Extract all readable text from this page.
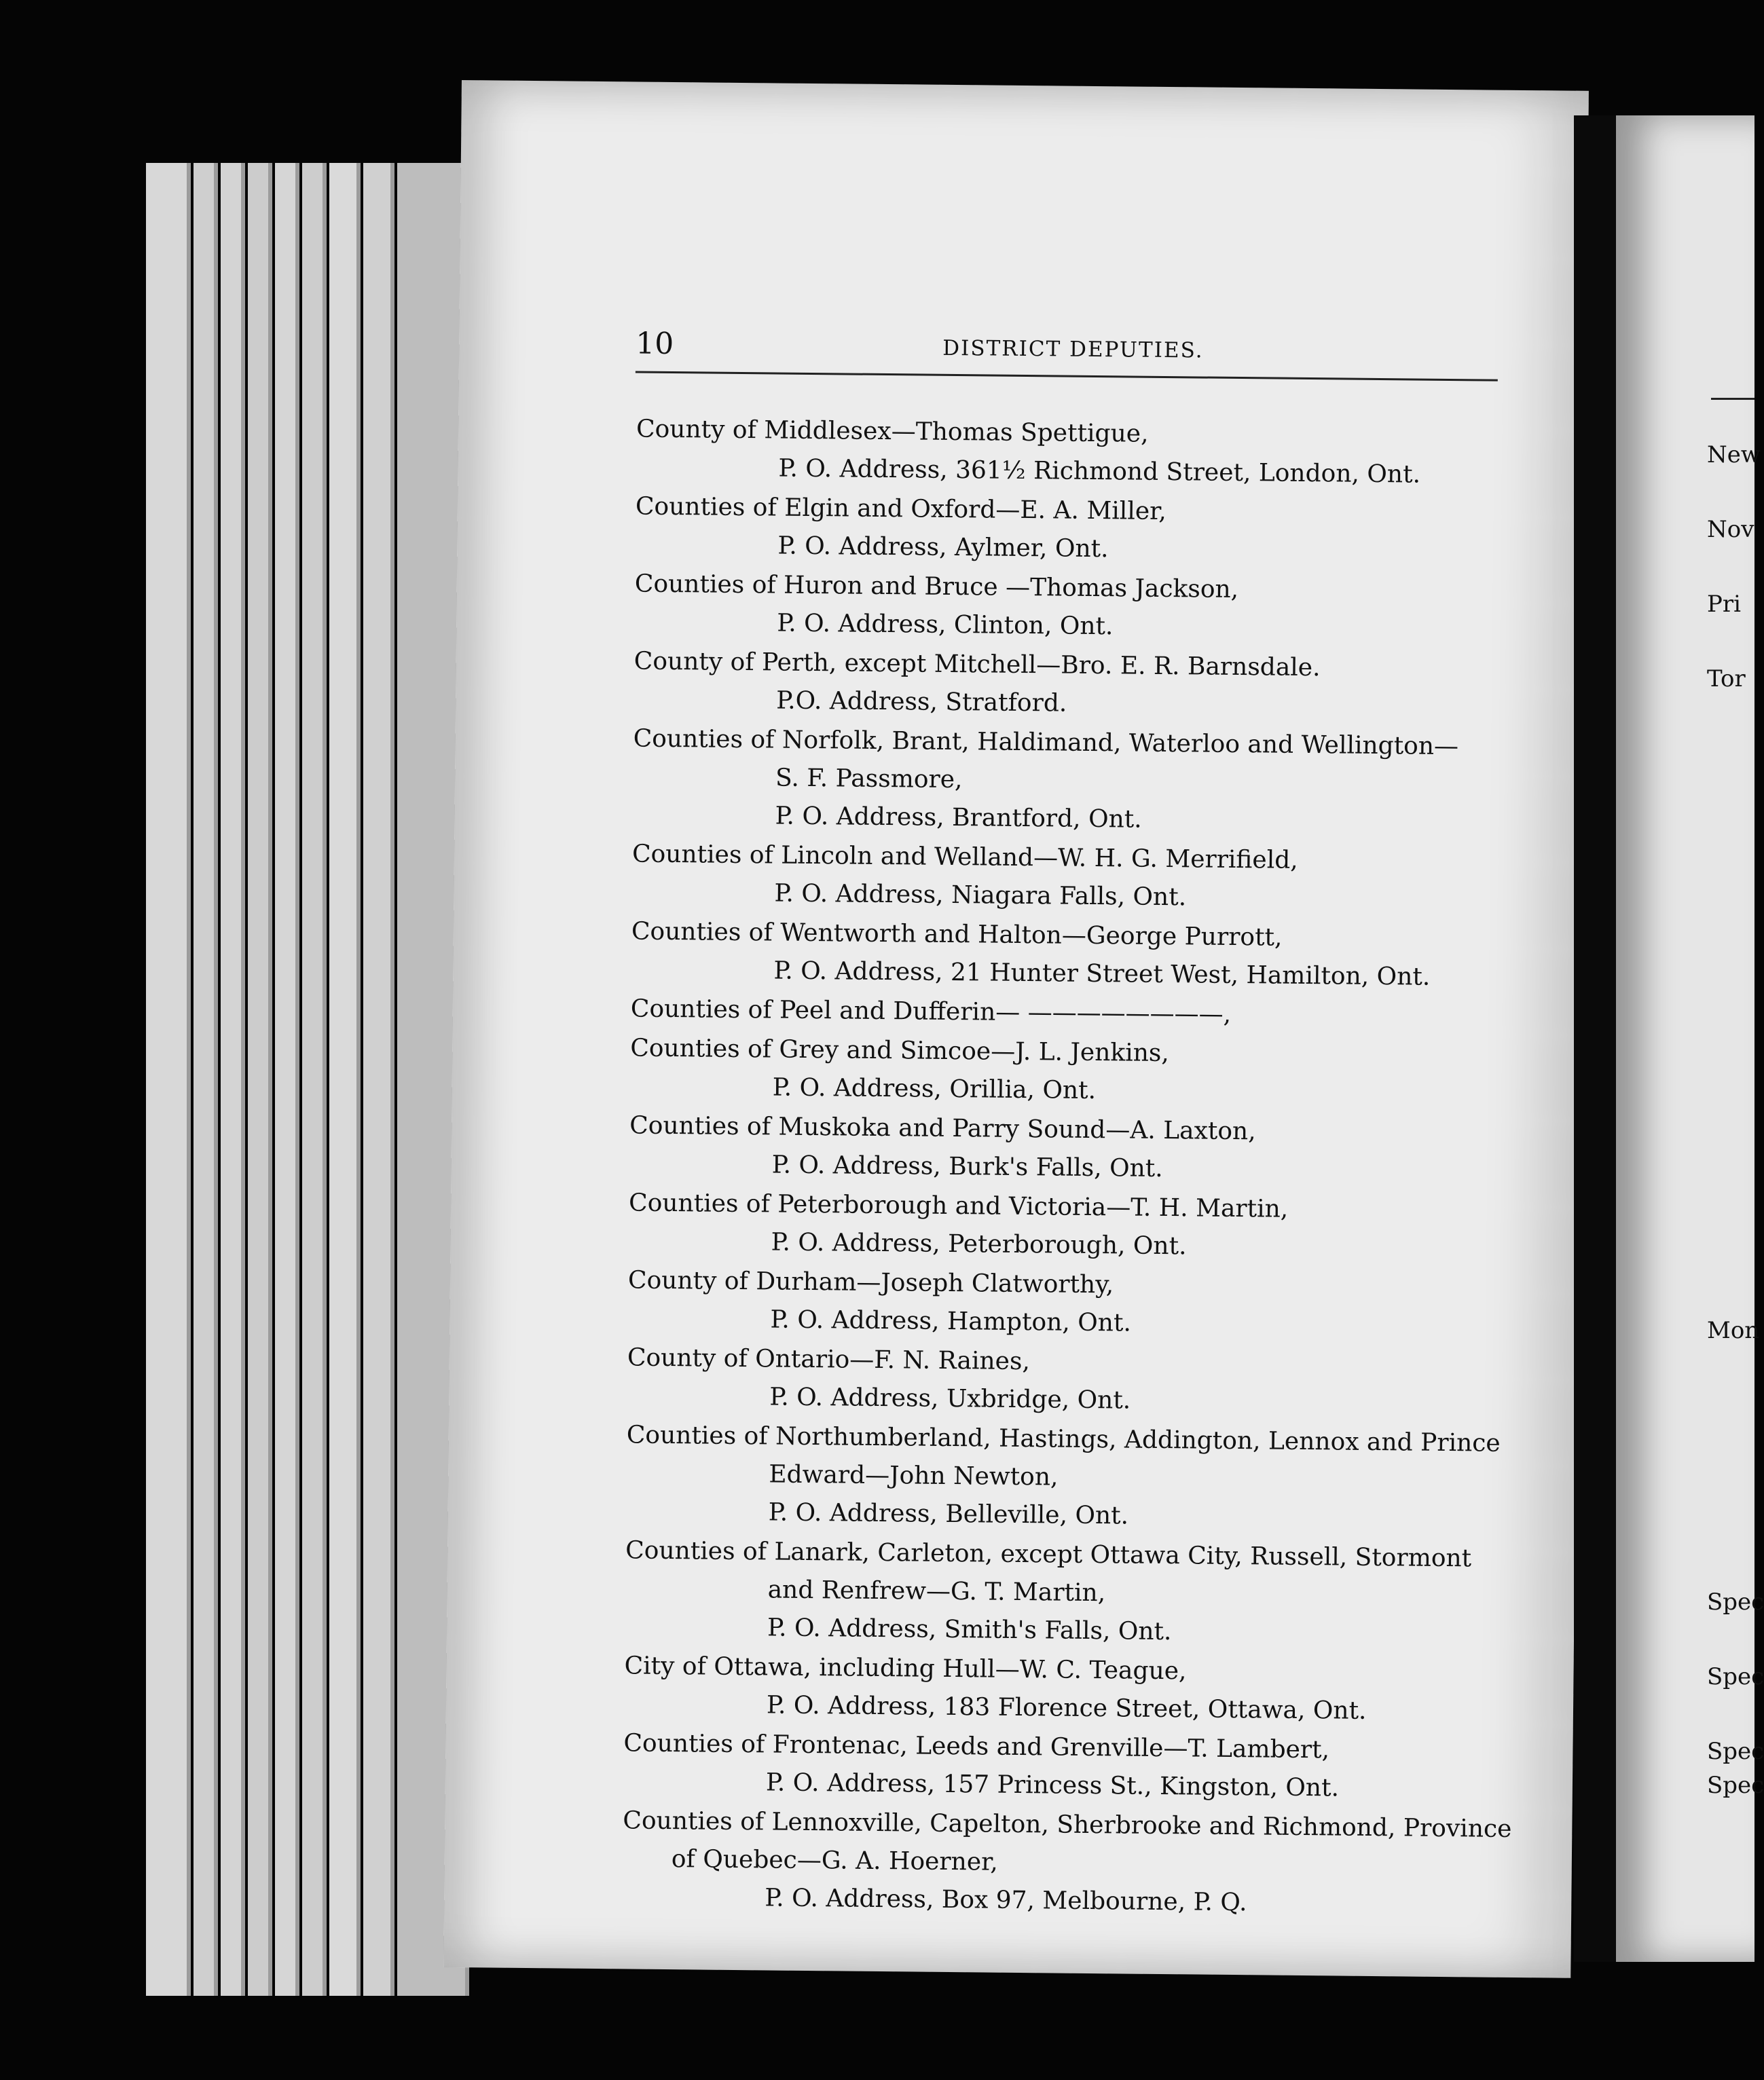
10	DISTRICT DEPUTIES.
County of Middlesex—Thomas Spettigue,
P. O. Address, 361½ Richmond Street, London, Ont.
Counties of Elgin and Oxford—E. A. Miller,
P. O. Address, Aylmer, Ont.
Counties of Huron and Bruce —Thomas Jackson,
P. O. Address, Clinton, Ont.
County of Perth, except Mitchell—Bro. E. R. Barnsdale.
P.O. Address, Stratford.
Counties of Norfolk, Brant, Haldimand, Waterloo and Wellington—
S. F. Passmore,
P. O. Address, Brantford, Ont.
Counties of Lincoln and Welland—W. H. G. Merrifield,
P. O. Address, Niagara Falls, Ont.
Counties of Wentworth and Halton—George Purrott,
P. O. Address, 21 Hunter Street West, Hamilton, Ont.
Counties of Peel and Dufferin— ————————,
Counties of Grey and Simcoe—J. L. Jenkins,
P. O. Address, Orillia, Ont.
Counties of Muskoka and Parry Sound—A. Laxton,
P. O. Address, Burk's Falls, Ont.
Counties of Peterborough and Victoria—T. H. Martin,
P. O. Address, Peterborough, Ont.
County of Durham—Joseph Clatworthy,
P. O. Address, Hampton, Ont.
County of Ontario—F. N. Raines,
P. O. Address, Uxbridge, Ont.
Counties of Northumberland, Hastings, Addington, Lennox and Prince
Edward—John Newton,
P. O. Address, Belleville, Ont.
Counties of Lanark, Carleton, except Ottawa City, Russell, Stormont
and Renfrew—G. T. Martin,
P. O. Address, Smith's Falls, Ont.
City of Ottawa, including Hull—W. C. Teague,
P. O. Address, 183 Florence Street, Ottawa, Ont.
Counties of Frontenac, Leeds and Grenville—T. Lambert,
P. O. Address, 157 Princess St., Kingston, Ont.
Counties of Lennoxville, Capelton, Sherbrooke and Richmond, Province
of Quebec—G. A. Hoerner,
P. O. Address, Box 97, Melbourne, P. Q.
New
Nov
Pri
Tor
Mon
Spec
Spec
Spec
Spec
